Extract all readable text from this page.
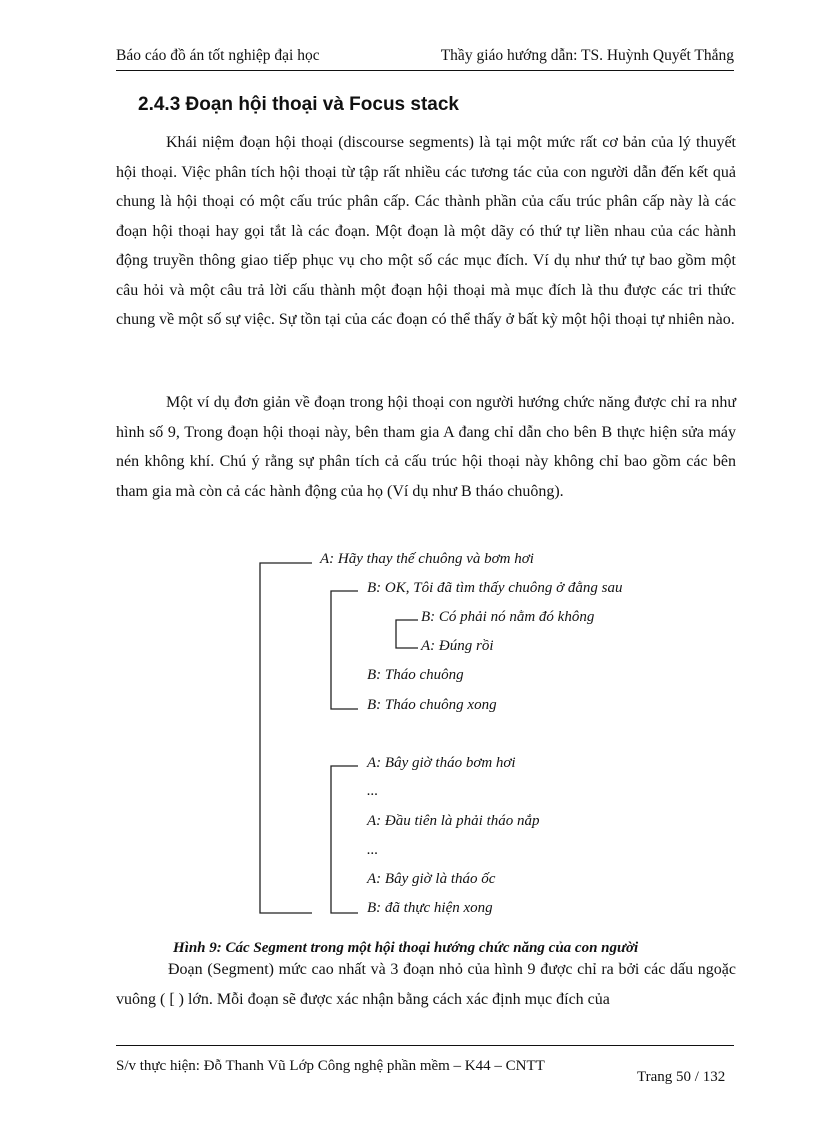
Báo cáo đồ án tốt nghiệp đại học	Thầy giáo hướng dẫn: TS. Huỳnh Quyết Thắng
2.4.3 Đoạn hội thoại và Focus stack

Khái niệm đoạn hội thoại (discourse segments) là tại một mức rất cơ bản của lý thuyết hội thoại. Việc phân tích hội thoại từ tập rất nhiều các tương tác của con người dẫn đến kết quả chung là hội thoại có một cấu trúc phân cấp. Các thành phần của cấu trúc phân cấp này là các đoạn hội thoại hay gọi tắt là các đoạn. Một đoạn là một dãy có thứ tự liền nhau của các hành động truyền thông giao tiếp phục vụ cho một số các mục đích. Ví dụ như thứ tự bao gồm một câu hỏi và một câu trả lời cấu thành một đoạn hội thoại mà mục đích là thu được các tri thức chung về một số sự việc. Sự tồn tại của các đoạn có thể thấy ở bất kỳ một hội thoại tự nhiên nào.

Một ví dụ đơn giản về đoạn trong hội thoại con người hướng chức năng được chỉ ra như hình số 9, Trong đoạn hội thoại này, bên tham gia A đang chỉ dẫn cho bên B thực hiện sửa máy nén không khí. Chú ý rằng sự phân tích cả cấu trúc hội thoại này không chỉ bao gồm các bên tham gia mà còn cả các hành động của họ (Ví dụ như B tháo chuông).

A: Hãy thay thế chuông và bơm hơi
B: OK, Tôi đã tìm thấy chuông ở đằng sau
B: Có phải nó nằm đó không
A: Đúng rồi
B: Tháo chuông
B: Tháo chuông xong
A: Bây giờ tháo bơm hơi
...
A: Đầu tiên là phải tháo nắp
...
A: Bây giờ là tháo ốc
B: đã thực hiện xong
Hình 9: Các Segment trong một hội thoại hướng chức năng của con người

Đoạn (Segment) mức cao nhất và 3 đoạn nhỏ của hình 9 được chỉ ra bởi các dấu ngoặc vuông ( [ ) lớn. Mỗi đoạn sẽ được xác nhận bằng cách xác định mục đích của

S/v thực hiện: Đỗ Thanh Vũ Lớp Công nghệ phần mềm – K44 – CNTT
Trang 50 / 132
